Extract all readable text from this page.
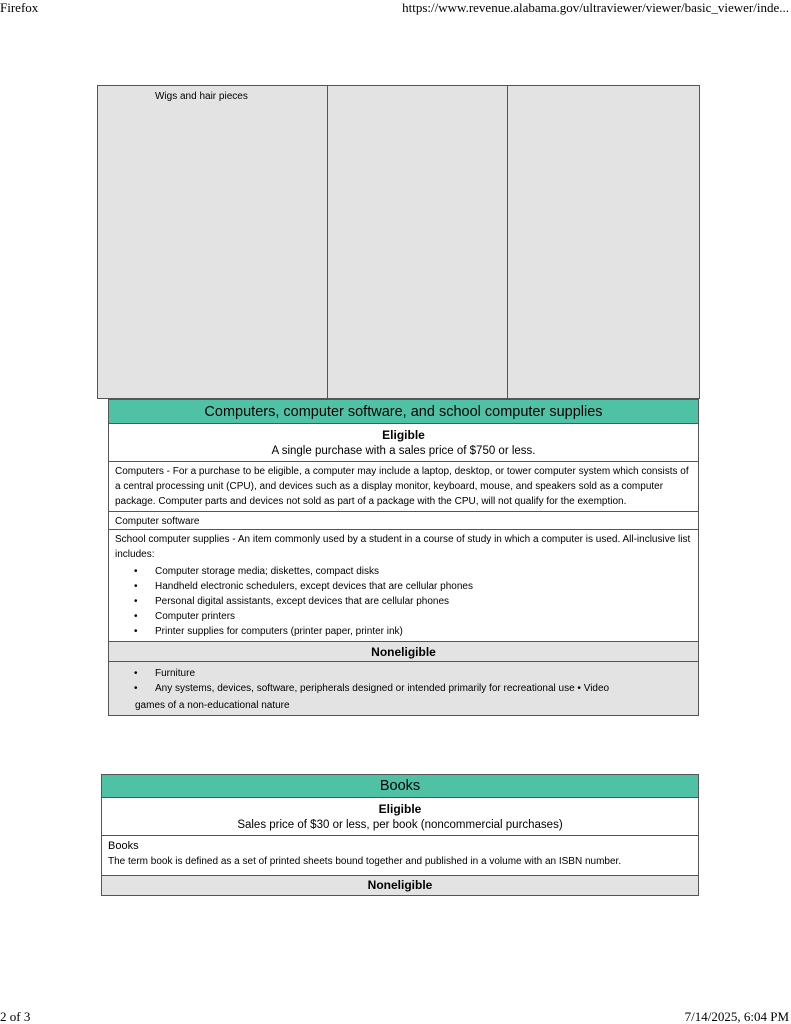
Firefox	https://www.revenue.alabama.gov/ultraviewer/viewer/basic_viewer/inde...
Wigs and hair pieces
Computers, computer software, and school computer supplies
Eligible
A single purchase with a sales price of $750 or less.
Computers - For a purchase to be eligible, a computer may include a laptop, desktop, or tower computer system which consists of a central processing unit (CPU), and devices such as a display monitor, keyboard, mouse, and speakers sold as a computer package. Computer parts and devices not sold as part of a package with the CPU, will not qualify for the exemption.
Computer software
School computer supplies - An item commonly used by a student in a course of study in which a computer is used. All-inclusive list includes:
• Computer storage media; diskettes, compact disks
• Handheld electronic schedulers, except devices that are cellular phones
• Personal digital assistants, except devices that are cellular phones
• Computer printers
• Printer supplies for computers (printer paper, printer ink)
Noneligible
• Furniture
• Any systems, devices, software, peripherals designed or intended primarily for recreational use • Video
games of a non-educational nature
Books
Eligible
Sales price of $30 or less, per book (noncommercial purchases)
Books
The term book is defined as a set of printed sheets bound together and published in a volume with an ISBN number.
Noneligible
2 of 3	7/14/2025, 6:04 PM
